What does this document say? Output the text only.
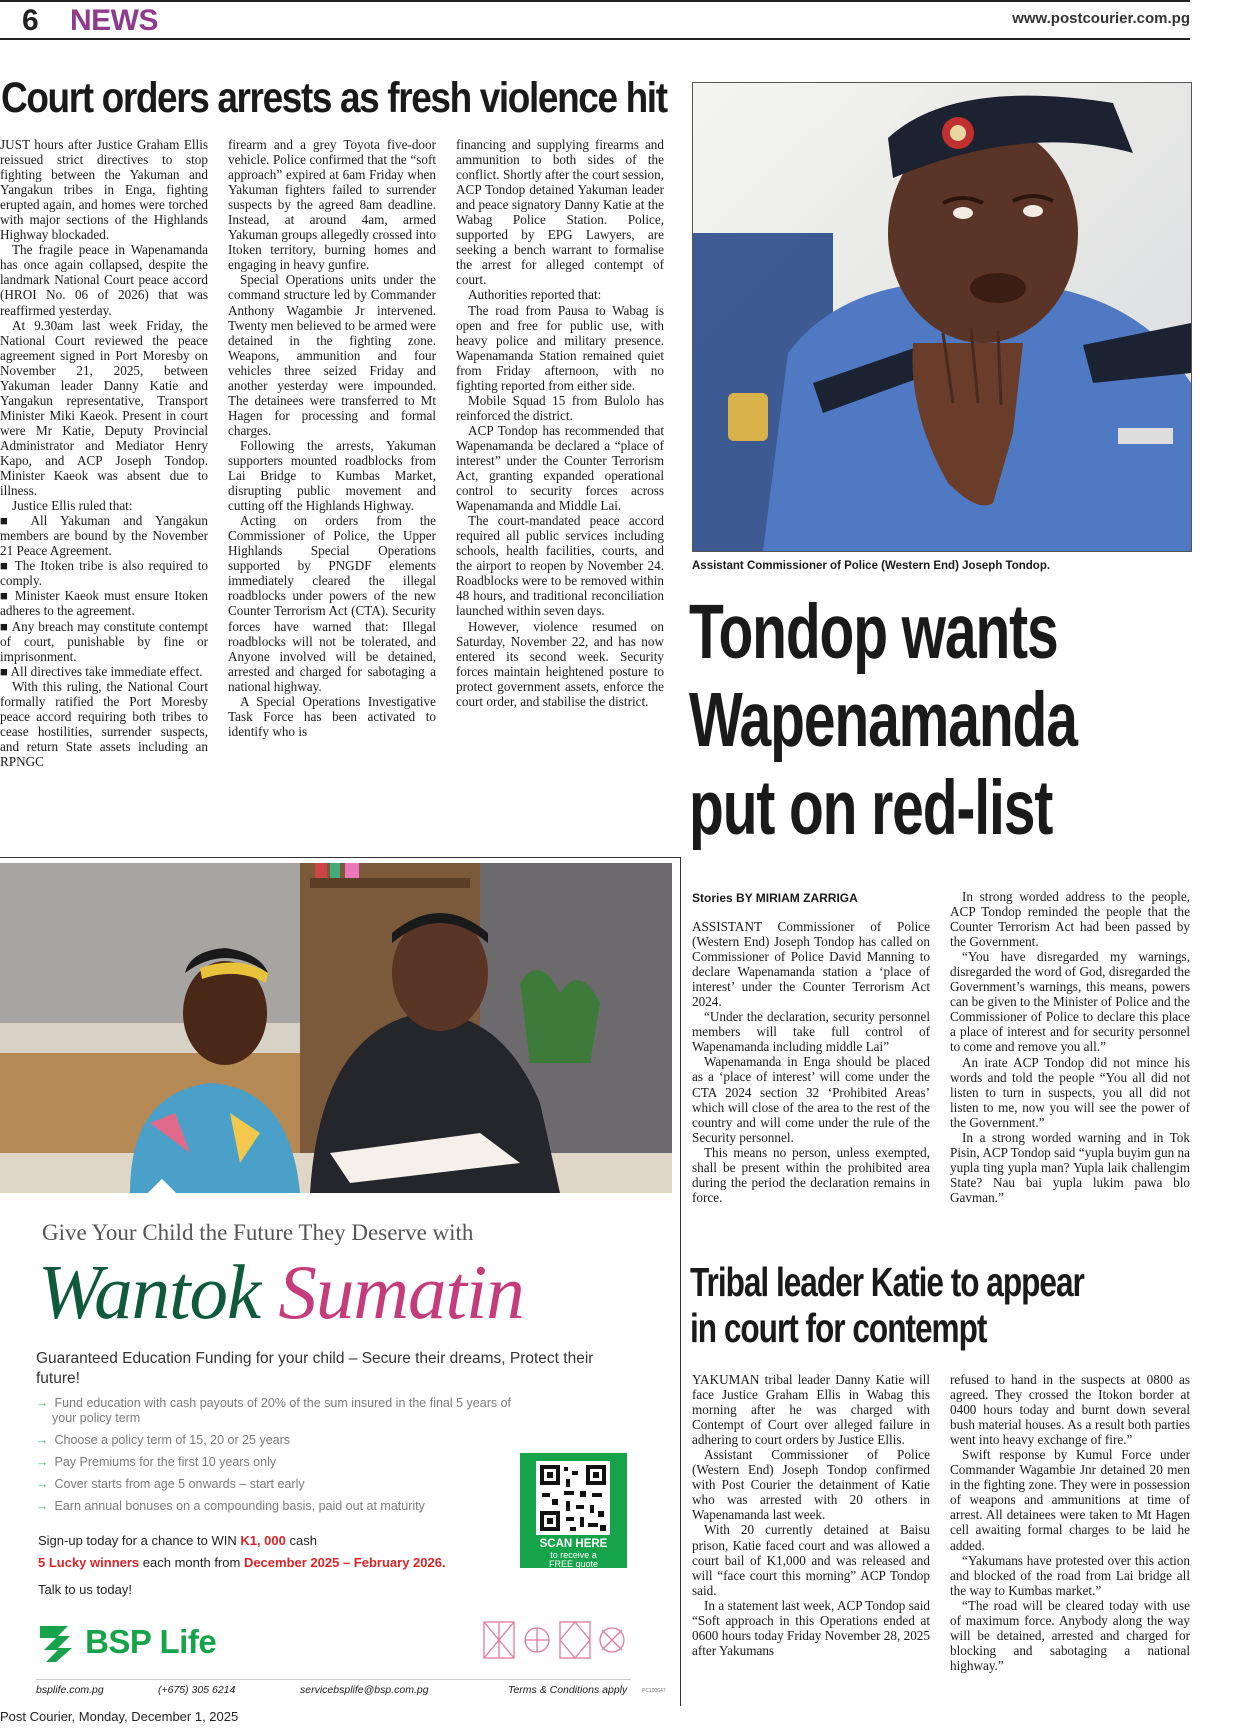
6 NEWS	www.postcourier.com.pg
Court orders arrests as fresh violence hit

JUST hours after Justice Graham Ellis reissued strict directives to stop fighting between the Yakuman and Yangakun tribes in Enga, fighting erupted again, and homes were torched with major sections of the Highlands Highway blockaded.

The fragile peace in Wapenamanda has once again collapsed, despite the landmark National Court peace accord (HROI No. 06 of 2026) that was reaffirmed yesterday.

At 9.30am last week Friday, the National Court reviewed the peace agreement signed in Port Moresby on November 21, 2025, between Yakuman leader Danny Katie and Yangakun representative, Transport Minister Miki Kaeok. Present in court were Mr Katie, Deputy Provincial Administrator and Mediator Henry Kapo, and ACP Joseph Tondop. Minister Kaeok was absent due to illness.

Justice Ellis ruled that:

■ All Yakuman and Yangakun members are bound by the November 21 Peace Agreement.

■ The Itoken tribe is also required to comply.

■ Minister Kaeok must ensure Itoken adheres to the agreement.

■ Any breach may constitute contempt of court, punishable by fine or imprisonment.

■ All directives take immediate effect.

With this ruling, the National Court formally ratified the Port Moresby peace accord requiring both tribes to cease hostilities, surrender suspects, and return State assets including an RPNGC

firearm and a grey Toyota five-door vehicle. Police confirmed that the “soft approach” expired at 6am Friday when Yakuman fighters failed to surrender suspects by the agreed 8am deadline. Instead, at around 4am, armed Yakuman groups allegedly crossed into Itoken territory, burning homes and engaging in heavy gunfire.

Special Operations units under the command structure led by Commander Anthony Wagambie Jr intervened. Twenty men believed to be armed were detained in the fighting zone. Weapons, ammunition and four vehicles three seized Friday and another yesterday were impounded. The detainees were transferred to Mt Hagen for processing and formal charges.

Following the arrests, Yakuman supporters mounted roadblocks from Lai Bridge to Kumbas Market, disrupting public movement and cutting off the Highlands Highway.

Acting on orders from the Commissioner of Police, the Upper Highlands Special Operations supported by PNGDF elements immediately cleared the illegal roadblocks under powers of the new Counter Terrorism Act (CTA). Security forces have warned that: Illegal roadblocks will not be tolerated, and Anyone involved will be detained, arrested and charged for sabotaging a national highway.

A Special Operations Investigative Task Force has been activated to identify who is

financing and supplying firearms and ammunition to both sides of the conflict. Shortly after the court session, ACP Tondop detained Yakuman leader and peace signatory Danny Katie at the Wabag Police Station. Police, supported by EPG Lawyers, are seeking a bench warrant to formalise the arrest for alleged contempt of court.

Authorities reported that:

The road from Pausa to Wabag is open and free for public use, with heavy police and military presence. Wapenamanda Station remained quiet from Friday afternoon, with no fighting reported from either side.

Mobile Squad 15 from Bulolo has reinforced the district.

ACP Tondop has recommended that Wapenamanda be declared a “place of interest” under the Counter Terrorism Act, granting expanded operational control to security forces across Wapenamanda and Middle Lai.

The court-mandated peace accord required all public services including schools, health facilities, courts, and the airport to reopen by November 24. Roadblocks were to be removed within 48 hours, and traditional reconciliation launched within seven days.

However, violence resumed on Saturday, November 22, and has now entered its second week. Security forces maintain heightened posture to protect government assets, enforce the court order, and stabilise the district.

Assistant Commissioner of Police (Western End) Joseph Tondop.
Tondop wants
Wapenamanda
put on red-list
Stories BY MIRIAM ZARRIGA

ASSISTANT Commissioner of Police (Western End) Joseph Tondop has called on Commissioner of Police David Manning to declare Wapenamanda station a ‘place of interest’ under the Counter Terrorism Act 2024.

“Under the declaration, security personnel members will take full control of Wapenamanda including middle Lai”

Wapenamanda in Enga should be placed as a ‘place of interest’ will come under the CTA 2024 section 32 ‘Prohibited Areas’ which will close of the area to the rest of the country and will come under the rule of the Security personnel.

This means no person, unless exempted, shall be present within the prohibited area during the period the declaration remains in force.

In strong worded address to the people, ACP Tondop reminded the people that the Counter Terrorism Act had been passed by the Government.

“You have disregarded my warnings, disregarded the word of God, disregarded the Government’s warnings, this means, powers can be given to the Minister of Police and the Commissioner of Police to declare this place a place of interest and for security personnel to come and remove you all.”

An irate ACP Tondop did not mince his words and told the people “You all did not listen to turn in suspects, you all did not listen to me, now you will see the power of the Government.”

In a strong worded warning and in Tok Pisin, ACP Tondop said “yupla buyim gun na yupla ting yupla man? Yupla laik challengim State? Nau bai yupla lukim pawa blo Gavman.”

Tribal leader Katie to appear
in court for contempt

YAKUMAN tribal leader Danny Katie will face Justice Graham Ellis in Wabag this morning after he was charged with Contempt of Court over alleged failure in adhering to court orders by Justice Ellis.

Assistant Commissioner of Police (Western End) Joseph Tondop confirmed with Post Courier the detainment of Katie who was arrested with 20 others in Wapenamanda last week.

With 20 currently detained at Baisu prison, Katie faced court and was allowed a court bail of K1,000 and was released and will “face court this morning” ACP Tondop said.

In a statement last week, ACP Tondop said “Soft approach in this Operations ended at 0600 hours today Friday November 28, 2025 after Yakumans

refused to hand in the suspects at 0800 as agreed. They crossed the Itokon border at 0400 hours today and burnt down several bush material houses. As a result both parties went into heavy exchange of fire.”

Swift response by Kumul Force under Commander Wagambie Jnr detained 20 men in the fighting zone. They were in possession of weapons and ammunitions at time of arrest. All detainees were taken to Mt Hagen cell awaiting formal charges to be laid he added.

“Yakumans have protested over this action and blocked of the road from Lai bridge all the way to Kumbas market.”

“The road will be cleared today with use of maximum force. Anybody along the way will be detained, arrested and charged for blocking and sabotaging a national highway.”

Give Your Child the Future They Deserve with
Wantok Sumatin
Guaranteed Education Funding for your child – Secure their dreams, Protect their future!
→ Fund education with cash payouts of 20% of the sum insured in the final 5 years of your policy term
→ Choose a policy term of 15, 20 or 25 years
→ Pay Premiums for the first 10 years only
→ Cover starts from age 5 onwards – start early
→ Earn annual bonuses on a compounding basis, paid out at maturity
Sign-up today for a chance to WIN K1, 000 cash
5 Lucky winners each month from December 2025 – February 2026.
Talk to us today!
SCAN HERE
to receive a
FREE quote
BSP Life
bsplife.com.pg	(+675) 305 6214	servicebsplife@bsp.com.pg	Terms & Conditions apply	PC100647
Post Courier, Monday, December 1, 2025
